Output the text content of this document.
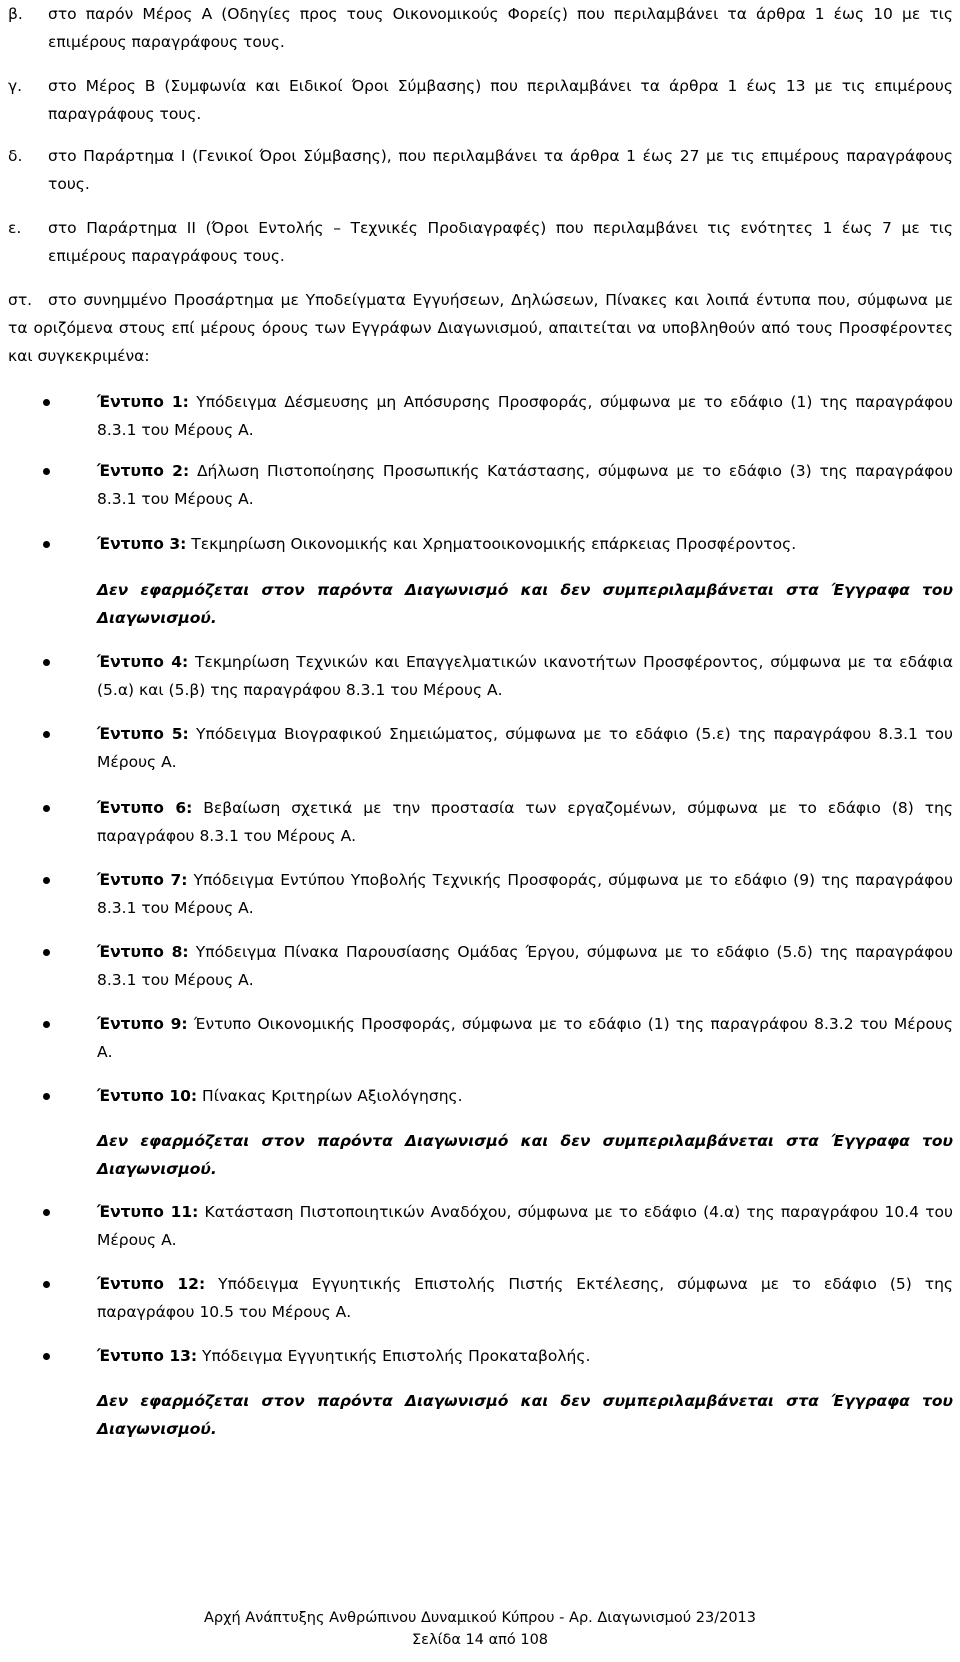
β.	στο παρόν Μέρος Α (Οδηγίες προς τους Οικονομικούς Φορείς) που περιλαμβάνει τα άρθρα 1 έως 10 με τις επιμέρους παραγράφους τους.

γ.	στο Μέρος Β (Συμφωνία και Ειδικοί Όροι Σύμβασης) που περιλαμβάνει τα άρθρα 1 έως 13 με τις επιμέρους παραγράφους τους.

δ.	στο Παράρτημα Ι (Γενικοί Όροι Σύμβασης), που περιλαμβάνει τα άρθρα 1 έως 27 με τις επιμέρους παραγράφους τους.

ε.	στο Παράρτημα ΙΙ (Όροι Εντολής – Τεχνικές Προδιαγραφές) που περιλαμβάνει τις ενότητες 1 έως 7 με τις επιμέρους παραγράφους τους.

στ.	στο συνημμένο Προσάρτημα με Υποδείγματα Εγγυήσεων, Δηλώσεων, Πίνακες και λοιπά έντυπα που, σύμφωνα με τα οριζόμενα στους επί μέρους όρους των Εγγράφων Διαγωνισμού, απαιτείται να υποβληθούν από τους Προσφέροντες και συγκεκριμένα:

Έντυπο 1: Υπόδειγμα Δέσμευσης μη Απόσυρσης Προσφοράς, σύμφωνα με το εδάφιο (1) της παραγράφου 8.3.1 του Μέρους Α.
Έντυπο 2: Δήλωση Πιστοποίησης Προσωπικής Κατάστασης, σύμφωνα με το εδάφιο (3) της παραγράφου 8.3.1 του Μέρους Α.
Έντυπο 3: Τεκμηρίωση Οικονομικής και Χρηματοοικονομικής επάρκειας Προσφέροντος.
Δεν εφαρμόζεται στον παρόντα Διαγωνισμό και δεν συμπεριλαμβάνεται στα Έγγραφα του Διαγωνισμού.
Έντυπο 4: Τεκμηρίωση Τεχνικών και Επαγγελματικών ικανοτήτων Προσφέροντος, σύμφωνα με τα εδάφια (5.α) και (5.β) της παραγράφου 8.3.1 του Μέρους Α.
Έντυπο 5: Υπόδειγμα Βιογραφικού Σημειώματος, σύμφωνα με το εδάφιο (5.ε) της παραγράφου 8.3.1 του Μέρους Α.
Έντυπο 6: Βεβαίωση σχετικά με την προστασία των εργαζομένων, σύμφωνα με το εδάφιο (8) της παραγράφου 8.3.1 του Μέρους Α.
Έντυπο 7: Υπόδειγμα Εντύπου Υποβολής Τεχνικής Προσφοράς, σύμφωνα με το εδάφιο (9) της παραγράφου 8.3.1 του Μέρους Α.
Έντυπο 8: Υπόδειγμα Πίνακα Παρουσίασης Ομάδας Έργου, σύμφωνα με το εδάφιο (5.δ) της παραγράφου 8.3.1 του Μέρους Α.
Έντυπο 9: Έντυπο Οικονομικής Προσφοράς, σύμφωνα με το εδάφιο (1) της παραγράφου 8.3.2 του Μέρους Α.
Έντυπο 10: Πίνακας Κριτηρίων Αξιολόγησης.
Δεν εφαρμόζεται στον παρόντα Διαγωνισμό και δεν συμπεριλαμβάνεται στα Έγγραφα του Διαγωνισμού.
Έντυπο 11: Κατάσταση Πιστοποιητικών Αναδόχου, σύμφωνα με το εδάφιο (4.α) της παραγράφου 10.4 του Μέρους Α.
Έντυπο 12: Υπόδειγμα Εγγυητικής Επιστολής Πιστής Εκτέλεσης, σύμφωνα με το εδάφιο (5) της παραγράφου 10.5 του Μέρους Α.
Έντυπο 13: Υπόδειγμα Εγγυητικής Επιστολής Προκαταβολής.
Δεν εφαρμόζεται στον παρόντα Διαγωνισμό και δεν συμπεριλαμβάνεται στα Έγγραφα του Διαγωνισμού.
Αρχή Ανάπτυξης Ανθρώπινου Δυναμικού Κύπρου - Αρ. Διαγωνισμού 23/2013
Σελίδα 14 από 108
